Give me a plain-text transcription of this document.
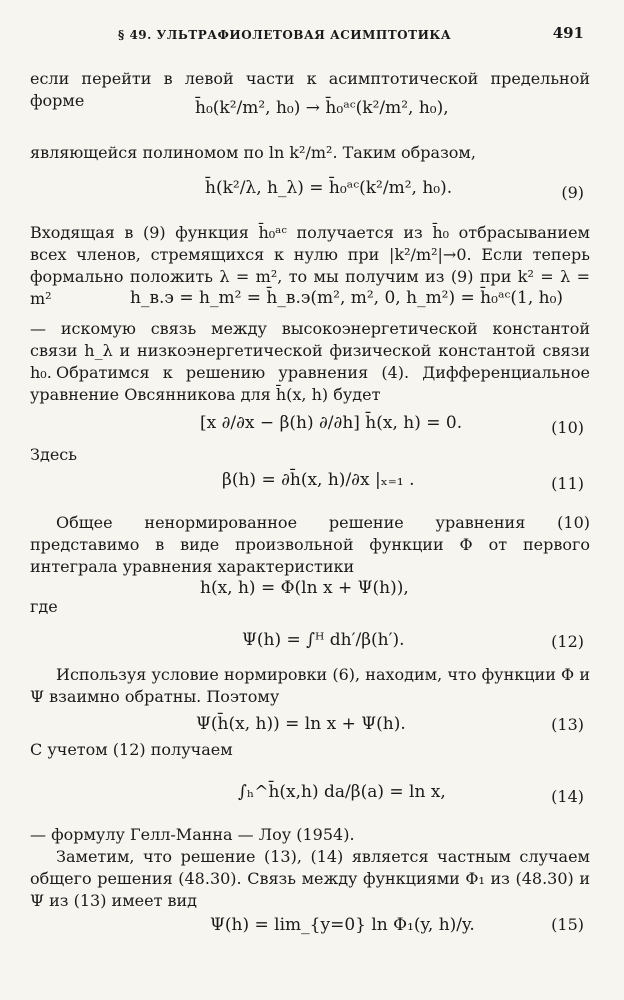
§ 49. УЛЬТРАФИОЛЕТОВАЯ АСИМПТОТИКА	491
если перейти в левой части к асимптотической предельной форме	h̄₀(k²/m², h₀) → h̄₀ᵃᶜ(k²/m², h₀),
являющейся полиномом по ln k²/m². Таким образом,
h̄(k²/λ, h_λ) = h̄₀ᵃᶜ(k²/m², h₀).	(9)
Входящая в (9) функция h̄₀ᵃᶜ получается из h̄₀ отбрасыванием всех членов, стремящихся к нулю при |k²/m²|→0. Если теперь формально положить λ = m², то мы получим из (9) при k² = λ = m²	h_в.э = h_m² = h̄_в.э(m², m², 0, h_m²) = h̄₀ᵃᶜ(1, h₀)
— искомую связь между высокоэнергетической константой связи h_λ и низкоэнергетической физической константой связи h₀. Обратимся к решению уравнения (4). Дифференциальное уравнение Овсянникова для h̄(x, h) будет
[x ∂/∂x − β(h) ∂/∂h] h̄(x, h) = 0.	(10)
Здесь
β(h) = ∂h̄(x, h)/∂x |ₓ₌₁ .	(11)
Общее ненормированное решение уравнения (10) представимо в виде произвольной функции Φ от первого интеграла уравнения характеристики
h(x, h) = Φ(ln x + Ψ(h)),
где
Ψ(h) = ∫ᴴ dh′/β(h′).	(12)
Используя условие нормировки (6), находим, что функции Φ и Ψ взаимно обратны. Поэтому
Ψ(h̄(x, h)) = ln x + Ψ(h).	(13)
С учетом (12) получаем
∫ₕ^h̄(x,h) da/β(a) = ln x,	(14)
— формулу Гелл-Манна — Лоу (1954).
Заметим, что решение (13), (14) является частным случаем общего решения (48.30). Связь между функциями Φ₁ из (48.30) и Ψ из (13) имеет вид
Ψ(h) = lim_{y=0} ln Φ₁(y, h)/y.	(15)
